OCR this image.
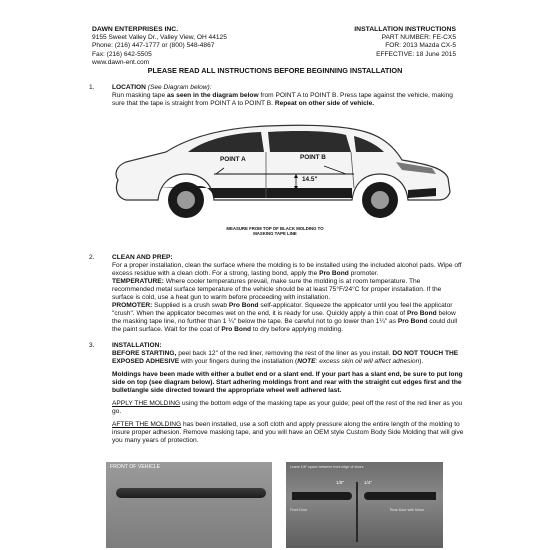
DAWN ENTERPRISES INC.
9155 Sweet Valley Dr., Valley View, OH 44125
Phone: (216) 447-1777 or (800) 548-4867
Fax: (216) 642-5505
www.dawn-ent.com
INSTALLATION INSTRUCTIONS
PART NUMBER: FE-CX5
FOR: 2013 Mazda CX-5
EFFECTIVE: 18 June 2015
PLEASE READ ALL INSTRUCTIONS BEFORE BEGINNING INSTALLATION
1.	LOCATION (See Diagram below):
Run masking tape as seen in the diagram below from POINT A to POINT B. Press tape against the vehicle, making sure that the tape is straight from POINT A to POINT B. Repeat on other side of vehicle.
POINT A	POINT B
14.5"
MEASURE FROM TOP OF BLACK MOLDING TO
MASKING TAPE LINE
2.	CLEAN AND PREP:
For a proper installation, clean the surface where the molding is to be installed using the included alcohol pads. Wipe off excess residue with a clean cloth. For a strong, lasting bond, apply the Pro Bond promoter.
TEMPERATURE: Where cooler temperatures prevail, make sure the molding is at room temperature. The recommended metal surface temperature of the vehicle should be at least 75°F/24°C for proper installation. If the surface is cold, use a heat gun to warm before proceeding with installation.
PROMOTER: Supplied is a crush swab Pro Bond self-applicator. Squeeze the applicator until you feel the applicator "crush". When the applicator becomes wet on the end, it is ready for use. Quickly apply a thin coat of Pro Bond below the masking tape line, no further than 1 ¼" below the tape. Be careful not to go lower than 1¼" as Pro Bond could dull the paint surface. Wait for the coat of Pro Bond to dry before applying molding.
3.	INSTALLATION:

BEFORE STARTING, peel back 12" of the red liner, removing the rest of the liner as you install. DO NOT TOUCH THE EXPOSED ADHESIVE with your fingers during the installation (NOTE: excess skin oil will affect adhesion).

Moldings have been made with either a bullet end or a slant end. If your part has a slant end, be sure to put long side on top (see diagram below). Start adhering moldings front and rear with the straight cut edges first and the bullet/angle side directed toward the appropriate wheel well adhered last.

APPLY THE MOLDING using the bottom edge of the masking tape as your guide; peel off the rest of the red liner as you go.

AFTER THE MOLDING has been installed, use a soft cloth and apply pressure along the entire length of the molding to insure proper adhesion. Remove masking tape, and you will have an OEM style Custom Body Side Molding that will give you many years of protection.

FRONT OF VEHICLE	Leave 1/8" space between front edge of doors
1/8"	1/4"
Front Door	Rear Door with Mirror
